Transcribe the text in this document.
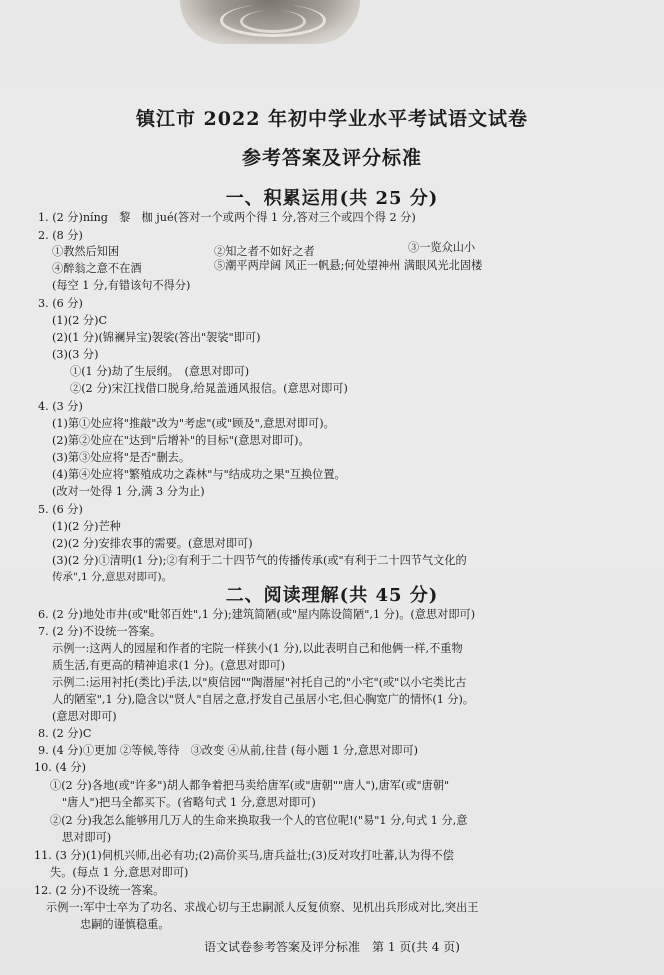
镇江市 2022 年初中学业水平考试语文试卷
参考答案及评分标准
一、积累运用(共 25 分)
1. (2 分)níng　黎　枷 jué(答对一个或两个得 1 分,答对三个或四个得 2 分)
2. (8 分)
①教然后知困	②知之者不如好之者	③一览众山小
④醉翁之意不在酒	⑤潮平两岸阔 风正一帆悬;何处望神州 满眼风光北固楼
(每空 1 分,有错该句不得分)
3. (6 分)
(1)(2 分)C
(2)(1 分)(锦襕异宝)袈裟(答出"袈裟"即可)
(3)(3 分)
①(1 分)劫了生辰纲。　(意思对即可)
②(2 分)宋江找借口脱身,给晁盖通风报信。(意思对即可)
4. (3 分)
(1)第①处应将"推敲"改为"考虑"(或"顾及",意思对即可)。
(2)第②处应在"达到"后增补"的目标"(意思对即可)。
(3)第③处应将"是否"删去。
(4)第④处应将"繁殖成功之森林"与"结成功之果"互换位置。
(改对一处得 1 分,满 3 分为止)
5. (6 分)
(1)(2 分)芒种
(2)(2 分)安排农事的需要。(意思对即可)
(3)(2 分)①清明(1 分);②有利于二十四节气的传播传承(或"有利于二十四节气文化的
传承",1 分,意思对即可)。
二、阅读理解(共 45 分)
6. (2 分)地处市井(或"毗邻百姓",1 分);建筑简陋(或"屋内陈设简陋",1 分)。(意思对即可)
7. (2 分)不设统一答案。
示例一:这两人的园屋和作者的宅院一样狭小(1 分),以此表明自己和他俩一样,不重物
质生活,有更高的精神追求(1 分)。(意思对即可)
示例二:运用衬托(类比)手法,以"庾信园""陶潜屋"衬托自己的"小宅"(或"以小宅类比古
人的陋室",1 分),隐含以"贤人"自居之意,抒发自己虽居小宅,但心胸宽广的情怀(1 分)。
(意思对即可)
8. (2 分)C
9. (4 分)①更加 ②等候,等待　③改变 ④从前,往昔 (每小题 1 分,意思对即可)
10. (4 分)
①(2 分)各地(或"许多")胡人都争着把马卖给唐军(或"唐朝""唐人"),唐军(或"唐朝"
"唐人")把马全都买下。(省略句式 1 分,意思对即可)
②(2 分)我怎么能够用几万人的生命来换取我一个人的官位呢!("易"1 分,句式 1 分,意
思对即可)
11. (3 分)(1)伺机兴师,出必有功;(2)高价买马,唐兵益壮;(3)反对攻打吐蕃,认为得不偿
失。(每点 1 分,意思对即可)
12. (2 分)不设统一答案。
示例一:军中士卒为了功名、求战心切与王忠嗣派人反复侦察、见机出兵形成对比,突出王
忠嗣的谨慎稳重。
语文试卷参考答案及评分标准　第 1 页(共 4 页)
